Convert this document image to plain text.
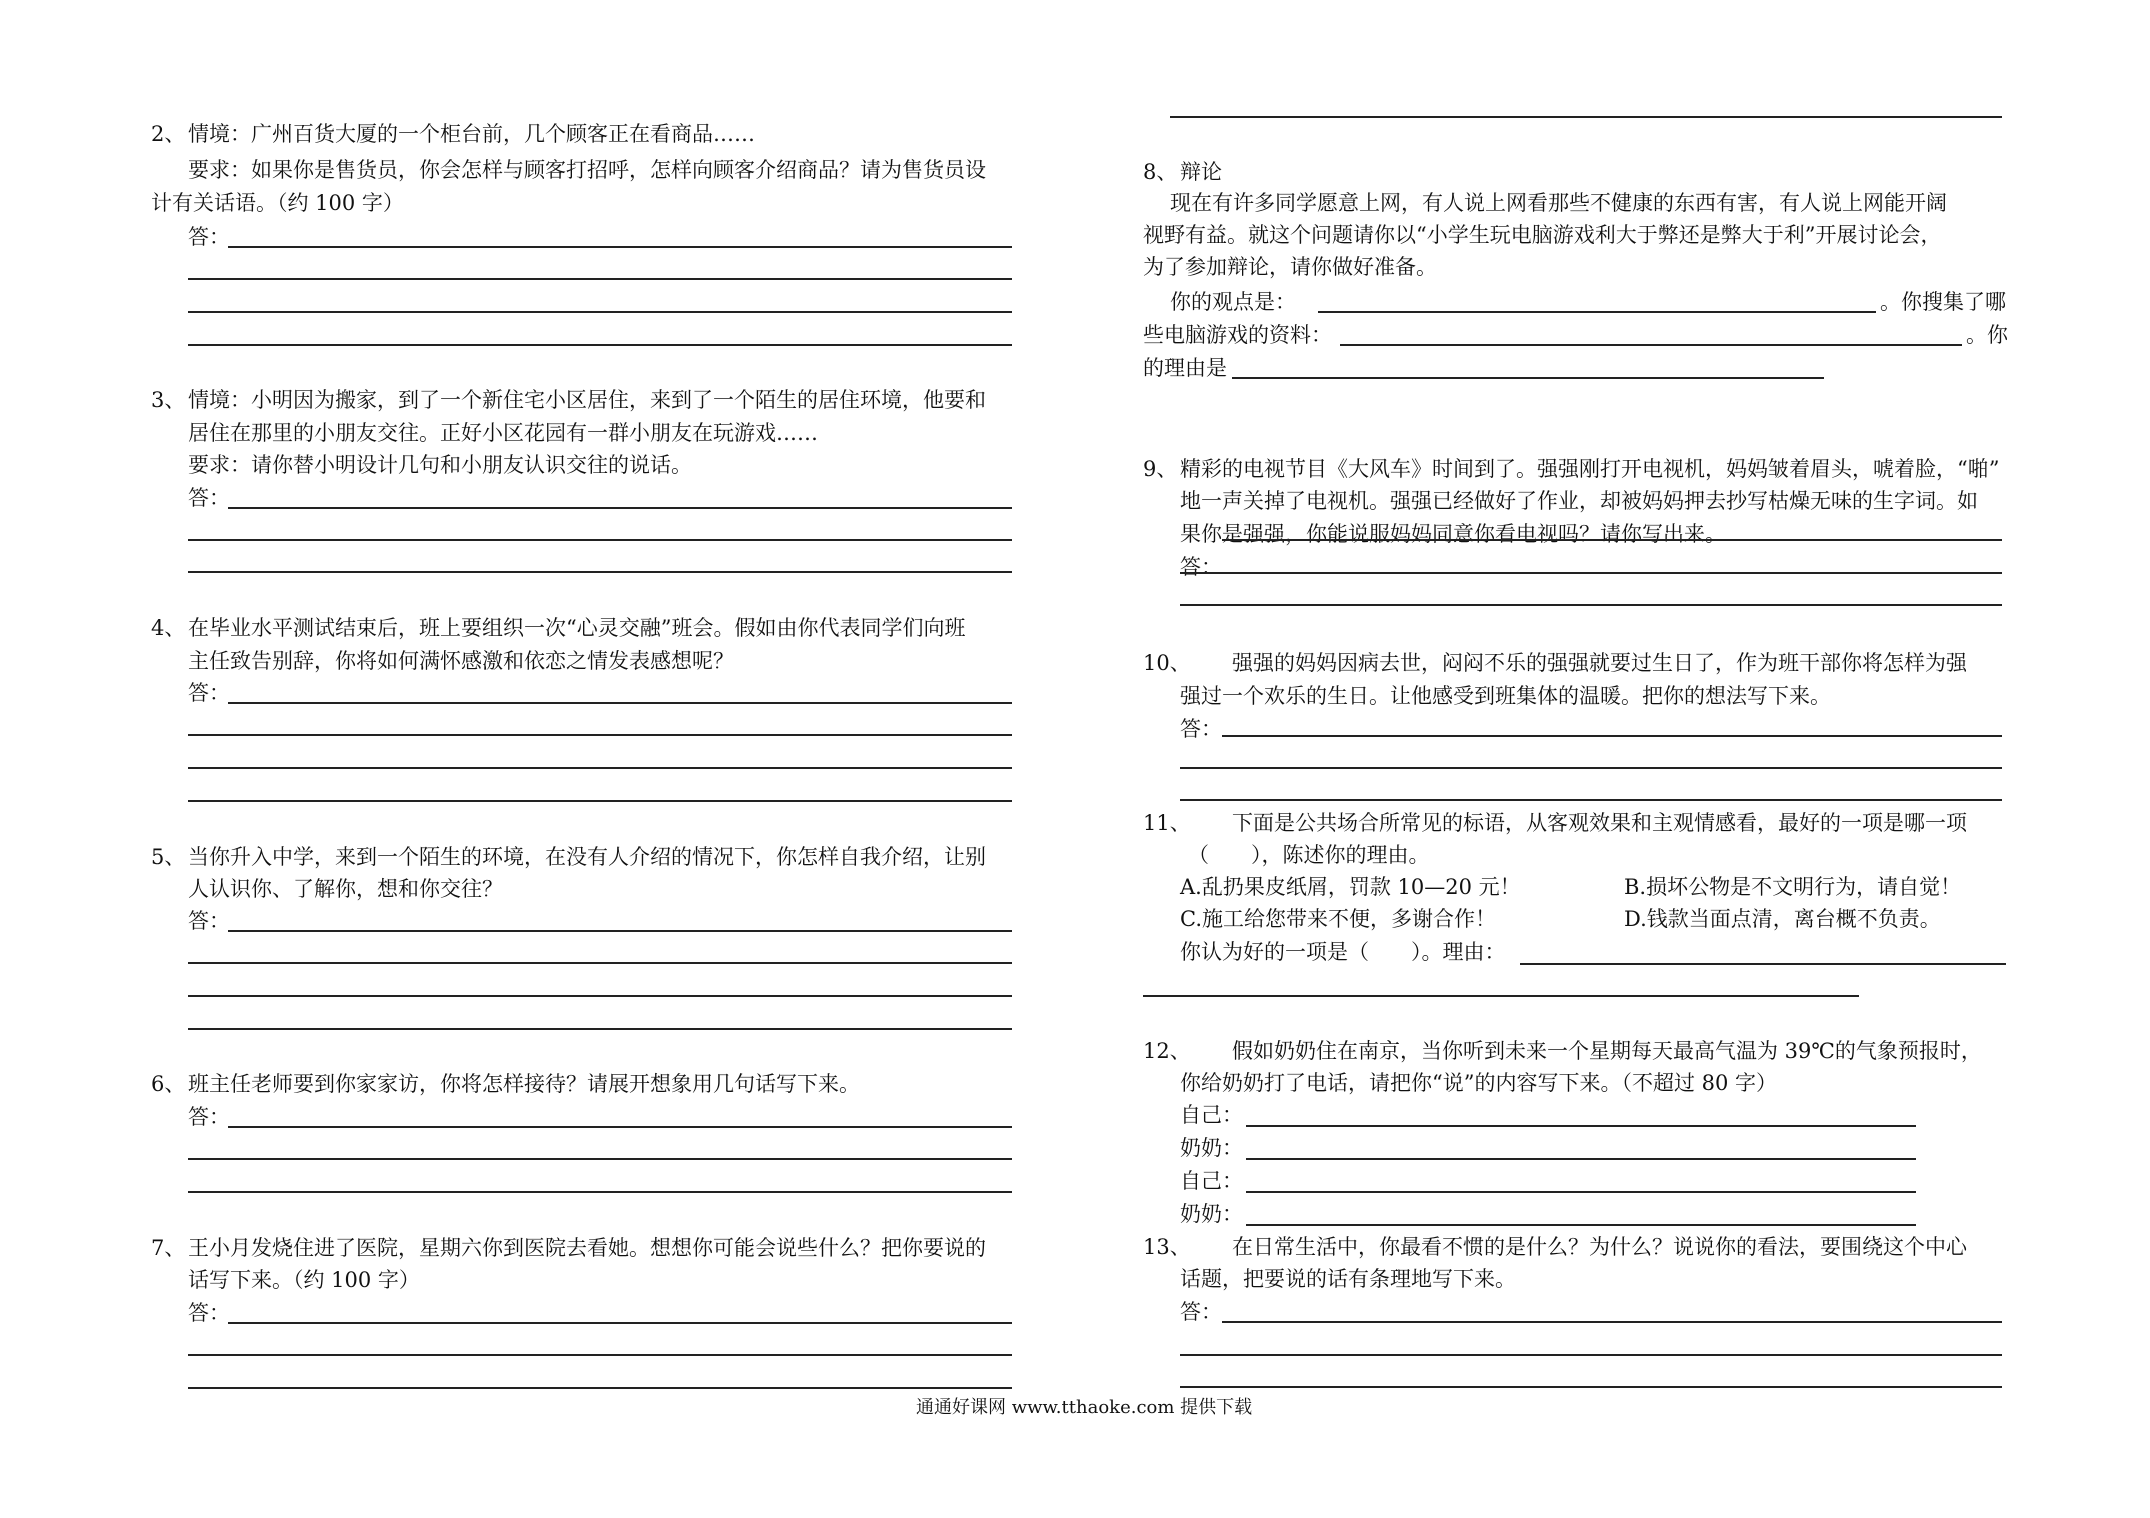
2、 情境：广州百货大厦的一个柜台前，几个顾客正在看商品……
要求：如果你是售货员，你会怎样与顾客打招呼，怎样向顾客介绍商品？请为售货员设
计有关话语。（约 100 字）
答：
3、 情境：小明因为搬家，到了一个新住宅小区居住，来到了一个陌生的居住环境，他要和
居住在那里的小朋友交往。正好小区花园有一群小朋友在玩游戏……
要求：请你替小明设计几句和小朋友认识交往的说话。
答：
4、 在毕业水平测试结束后，班上要组织一次“心灵交融”班会。假如由你代表同学们向班
主任致告别辞，你将如何满怀感激和依恋之情发表感想呢？
答：
5、 当你升入中学，来到一个陌生的环境，在没有人介绍的情况下，你怎样自我介绍，让别
人认识你、了解你，想和你交往？
答：
6、 班主任老师要到你家家访，你将怎样接待？请展开想象用几句话写下来。
答：
7、 王小月发烧住进了医院，星期六你到医院去看她。想想你可能会说些什么？把你要说的
话写下来。（约 100 字）
答：
8、 辩论
现在有许多同学愿意上网，有人说上网看那些不健康的东西有害，有人说上网能开阔
视野有益。就这个问题请你以“小学生玩电脑游戏利大于弊还是弊大于利”开展讨论会，
为了参加辩论，请你做好准备。
你的观点是：	。你搜集了哪
些电脑游戏的资料：	。你
的理由是
9、 精彩的电视节目《大风车》时间到了。强强刚打开电视机，妈妈皱着眉头，唬着脸，“啪”
地一声关掉了电视机。强强已经做好了作业，却被妈妈押去抄写枯燥无味的生字词。如
果你是强强，你能说服妈妈同意你看电视吗？请你写出来。
答：
10、 强强的妈妈因病去世，闷闷不乐的强强就要过生日了，作为班干部你将怎样为强
强过一个欢乐的生日。让他感受到班集体的温暖。把你的想法写下来。
答：
11、 下面是公共场合所常见的标语，从客观效果和主观情感看，最好的一项是哪一项
（　　），陈述你的理由。
A.乱扔果皮纸屑，罚款 10—20 元！	B.损坏公物是不文明行为，请自觉！
C.施工给您带来不便，多谢合作！	D.钱款当面点清，离台概不负责。
你认为好的一项是（　　）。理由：
12、 假如奶奶住在南京，当你听到未来一个星期每天最高气温为 39℃的气象预报时，
你给奶奶打了电话，请把你“说”的内容写下来。（不超过 80 字）
自己：
奶奶：
自己：
奶奶：
13、 在日常生活中，你最看不惯的是什么？为什么？说说你的看法，要围绕这个中心
话题，把要说的话有条理地写下来。
答：
通通好课网 www.tthaoke.com 提供下载
